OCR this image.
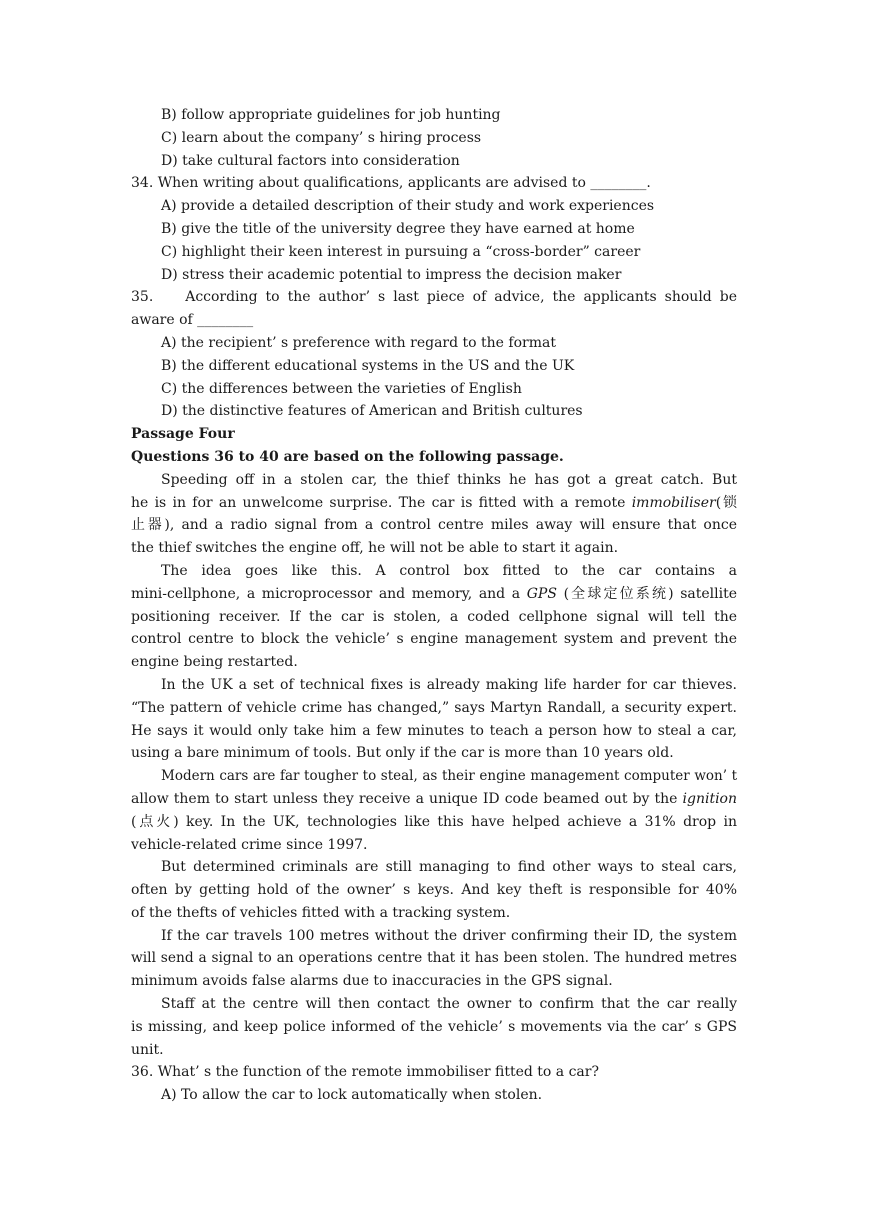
B) follow appropriate guidelines for job hunting
C) learn about the company’ s hiring process
D) take cultural factors into consideration
34. When writing about qualifications, applicants are advised to ________.
A) provide a detailed description of their study and work experiences
B) give the title of the university degree they have earned at home
C) highlight their keen interest in pursuing a “cross-border” career
D) stress their academic potential to impress the decision maker
35.    According to the author’ s last piece of advice, the applicants should be
aware of ________
A) the recipient’ s preference with regard to the format
B) the different educational systems in the US and the UK
C) the differences between the varieties of English
D) the distinctive features of American and British cultures
Passage Four
Questions 36 to 40 are based on the following passage.
Speeding off in a stolen car, the thief thinks he has got a great catch. But
he is in for an unwelcome surprise. The car is fitted with a remote immobiliser(锁
止器), and a radio signal from a control centre miles away will ensure that once
the thief switches the engine off, he will not be able to start it again.
The idea goes like this. A control box fitted to the car contains a
mini-cellphone, a microprocessor and memory, and a GPS (全球定位系统) satellite
positioning receiver. If the car is stolen, a coded cellphone signal will tell the
control centre to block the vehicle’ s engine management system and prevent the
engine being restarted.
In the UK a set of technical fixes is already making life harder for car thieves.
“The pattern of vehicle crime has changed,” says Martyn Randall, a security expert.
He says it would only take him a few minutes to teach a person how to steal a car,
using a bare minimum of tools. But only if the car is more than 10 years old.
Modern cars are far tougher to steal, as their engine management computer won’ t
allow them to start unless they receive a unique ID code beamed out by the ignition
(点火) key. In the UK, technologies like this have helped achieve a 31% drop in
vehicle-related crime since 1997.
But determined criminals are still managing to find other ways to steal cars,
often by getting hold of the owner’ s keys. And key theft is responsible for 40%
of the thefts of vehicles fitted with a tracking system.
If the car travels 100 metres without the driver confirming their ID, the system
will send a signal to an operations centre that it has been stolen. The hundred metres
minimum avoids false alarms due to inaccuracies in the GPS signal.
Staff at the centre will then contact the owner to confirm that the car really
is missing, and keep police informed of the vehicle’ s movements via the car’ s GPS
unit.
36. What’ s the function of the remote immobiliser fitted to a car?
A) To allow the car to lock automatically when stolen.
